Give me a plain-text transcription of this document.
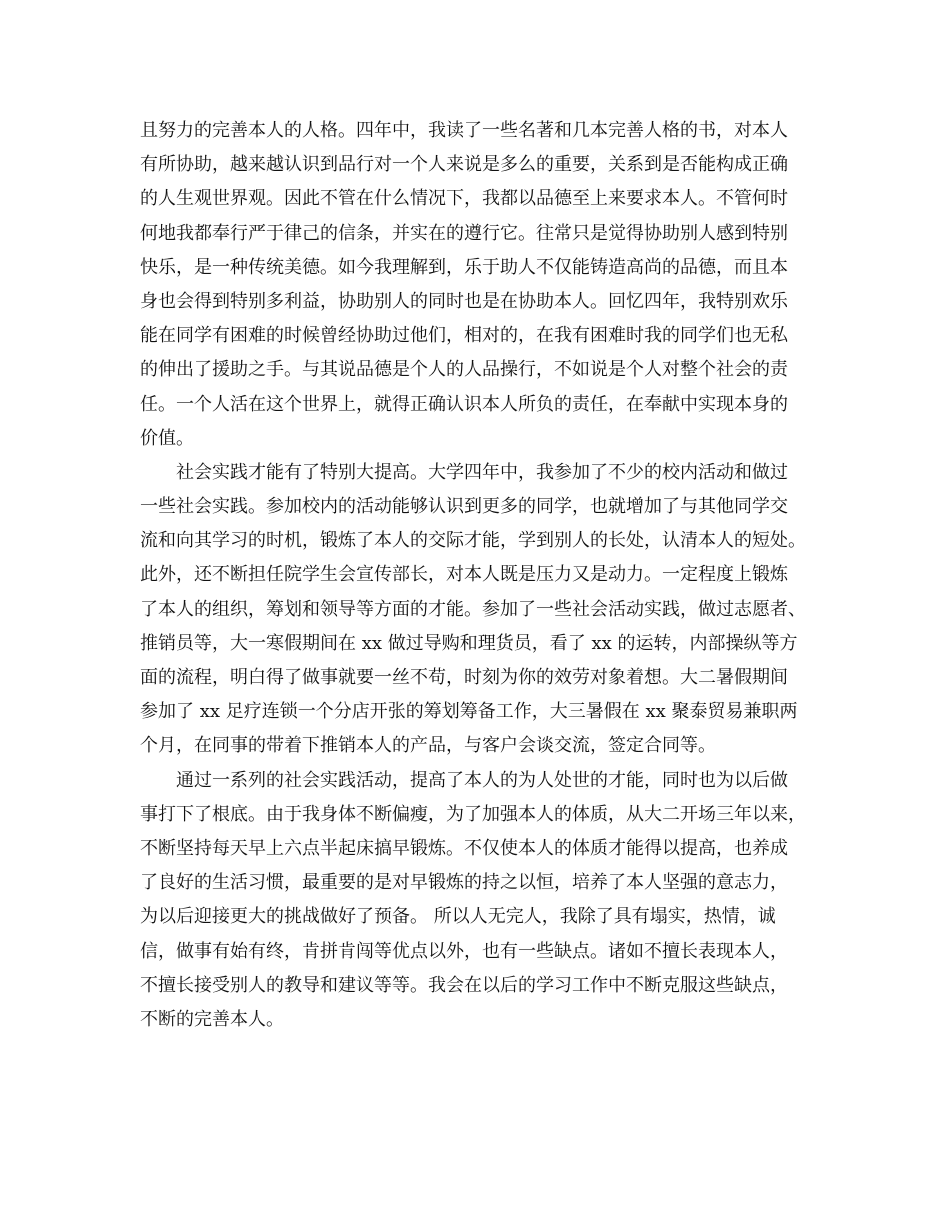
且努力的完善本人的人格。四年中，我读了一些名著和几本完善人格的书，对本人
有所协助，越来越认识到品行对一个人来说是多么的重要，关系到是否能构成正确
的人生观世界观。因此不管在什么情况下，我都以品德至上来要求本人。不管何时
何地我都奉行严于律己的信条，并实在的遵行它。往常只是觉得协助别人感到特别
快乐，是一种传统美德。如今我理解到，乐于助人不仅能铸造高尚的品德，而且本
身也会得到特别多利益，协助别人的同时也是在协助本人。回忆四年，我特别欢乐
能在同学有困难的时候曾经协助过他们，相对的，在我有困难时我的同学们也无私
的伸出了援助之手。与其说品德是个人的人品操行，不如说是个人对整个社会的责
任。一个人活在这个世界上，就得正确认识本人所负的责任，在奉献中实现本身的
价值。
社会实践才能有了特别大提高。大学四年中，我参加了不少的校内活动和做过
一些社会实践。参加校内的活动能够认识到更多的同学，也就增加了与其他同学交
流和向其学习的时机，锻炼了本人的交际才能，学到别人的长处，认清本人的短处。
此外，还不断担任院学生会宣传部长，对本人既是压力又是动力。一定程度上锻炼
了本人的组织，筹划和领导等方面的才能。参加了一些社会活动实践，做过志愿者、
推销员等，大一寒假期间在 xx 做过导购和理货员，看了 xx 的运转，内部操纵等方
面的流程，明白得了做事就要一丝不苟，时刻为你的效劳对象着想。大二暑假期间
参加了 xx 足疗连锁一个分店开张的筹划筹备工作，大三暑假在 xx 聚泰贸易兼职两
个月，在同事的带着下推销本人的产品，与客户会谈交流，签定合同等。
通过一系列的社会实践活动，提高了本人的为人处世的才能，同时也为以后做
事打下了根底。由于我身体不断偏瘦，为了加强本人的体质，从大二开场三年以来，
不断坚持每天早上六点半起床搞早锻炼。不仅使本人的体质才能得以提高，也养成
了良好的生活习惯，最重要的是对早锻炼的持之以恒，培养了本人坚强的意志力，
为以后迎接更大的挑战做好了预备。 所以人无完人，我除了具有塌实，热情，诚
信，做事有始有终，肯拼肯闯等优点以外，也有一些缺点。诸如不擅长表现本人，
不擅长接受别人的教导和建议等等。我会在以后的学习工作中不断克服这些缺点，
不断的完善本人。
